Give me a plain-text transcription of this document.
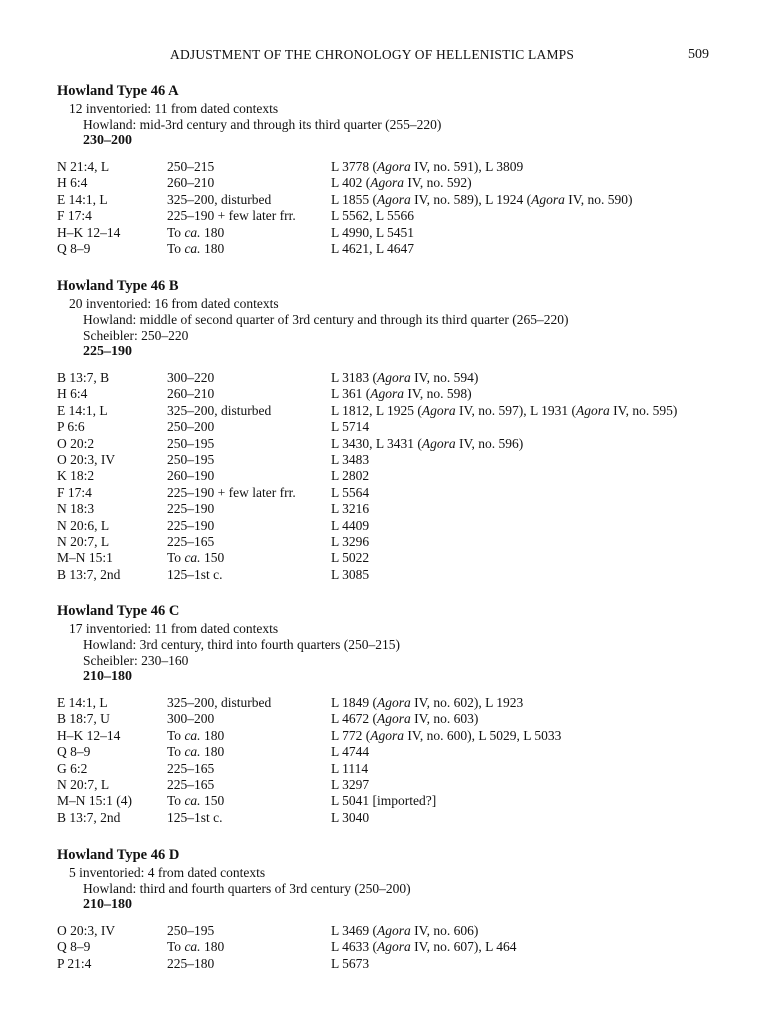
ADJUSTMENT OF THE CHRONOLOGY OF HELLENISTIC LAMPS	509
Howland Type 46 A
12 inventoried: 11 from dated contexts
Howland: mid-3rd century and through its third quarter (255–220)
230–200
N 21:4, L	250–215	L 3778 (Agora IV, no. 591), L 3809
H 6:4	260–210	L 402 (Agora IV, no. 592)
E 14:1, L	325–200, disturbed	L 1855 (Agora IV, no. 589), L 1924 (Agora IV, no. 590)
F 17:4	225–190 + few later frr.	L 5562, L 5566
H–K 12–14	To ca. 180	L 4990, L 5451
Q 8–9	To ca. 180	L 4621, L 4647
Howland Type 46 B
20 inventoried: 16 from dated contexts
Howland: middle of second quarter of 3rd century and through its third quarter (265–220)
Scheibler: 250–220
225–190
B 13:7, B	300–220	L 3183 (Agora IV, no. 594)
H 6:4	260–210	L 361 (Agora IV, no. 598)
E 14:1, L	325–200, disturbed	L 1812, L 1925 (Agora IV, no. 597), L 1931 (Agora IV, no. 595)
P 6:6	250–200	L 5714
O 20:2	250–195	L 3430, L 3431 (Agora IV, no. 596)
O 20:3, IV	250–195	L 3483
K 18:2	260–190	L 2802
F 17:4	225–190 + few later frr.	L 5564
N 18:3	225–190	L 3216
N 20:6, L	225–190	L 4409
N 20:7, L	225–165	L 3296
M–N 15:1	To ca. 150	L 5022
B 13:7, 2nd	125–1st c.	L 3085
Howland Type 46 C
17 inventoried: 11 from dated contexts
Howland: 3rd century, third into fourth quarters (250–215)
Scheibler: 230–160
210–180
E 14:1, L	325–200, disturbed	L 1849 (Agora IV, no. 602), L 1923
B 18:7, U	300–200	L 4672 (Agora IV, no. 603)
H–K 12–14	To ca. 180	L 772 (Agora IV, no. 600), L 5029, L 5033
Q 8–9	To ca. 180	L 4744
G 6:2	225–165	L 1114
N 20:7, L	225–165	L 3297
M–N 15:1 (4)	To ca. 150	L 5041 [imported?]
B 13:7, 2nd	125–1st c.	L 3040
Howland Type 46 D
5 inventoried: 4 from dated contexts
Howland: third and fourth quarters of 3rd century (250–200)
210–180
O 20:3, IV	250–195	L 3469 (Agora IV, no. 606)
Q 8–9	To ca. 180	L 4633 (Agora IV, no. 607), L 464
P 21:4	225–180	L 5673
